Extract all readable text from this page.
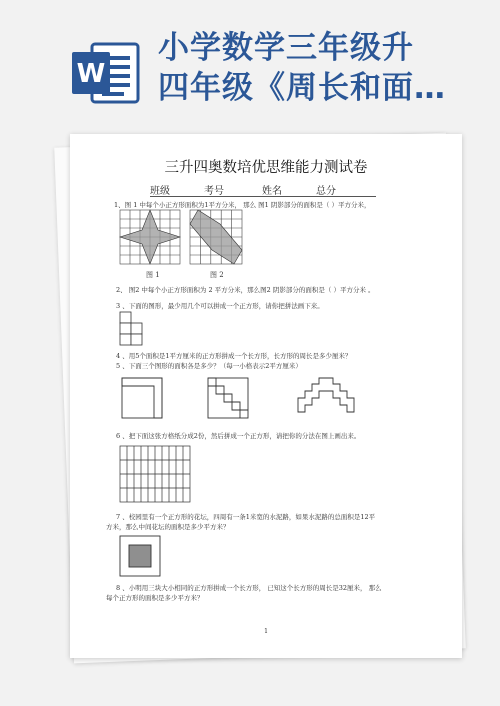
W
小学数学三年级升
四年级《周长和面…
三升四奥数培优思维能力测试卷
班级	考号	姓名	总分
1、图 1 中每个小正方形面积为1平方分米， 那么 图1 阴影部分的面积是（ ）平方分米，
图 1	图 2
2、 图2 中每个小正方形面积为 2 平方分米，那么图2 阴影部分的面积是（ ）平方分米 。
3 、下面的图形，最少用几个可以拼成一个正方形，请你把拼法画下来。
4 、用5个面积是1平方厘米的正方形拼成一个长方形，长方形的周长是多少厘米？
5 、下面三个图形的面积各是多少？（每一小格表示2平方厘米）
6 、把下面这张方格纸分成2份，然后拼成一个正方形，请把你的分法在图上画出来。
7 、校园里有一个正方形的花坛，四周有一条1米宽的水泥路，如果水泥路的总面积是12平
方米，那么中间花坛的面积是多少平方米？
8 、小明用三块大小相同的正方形拼成一个长方形， 已知这个长方形的周长是32厘米， 那么
每个正方形的面积是多少平方米？
1
